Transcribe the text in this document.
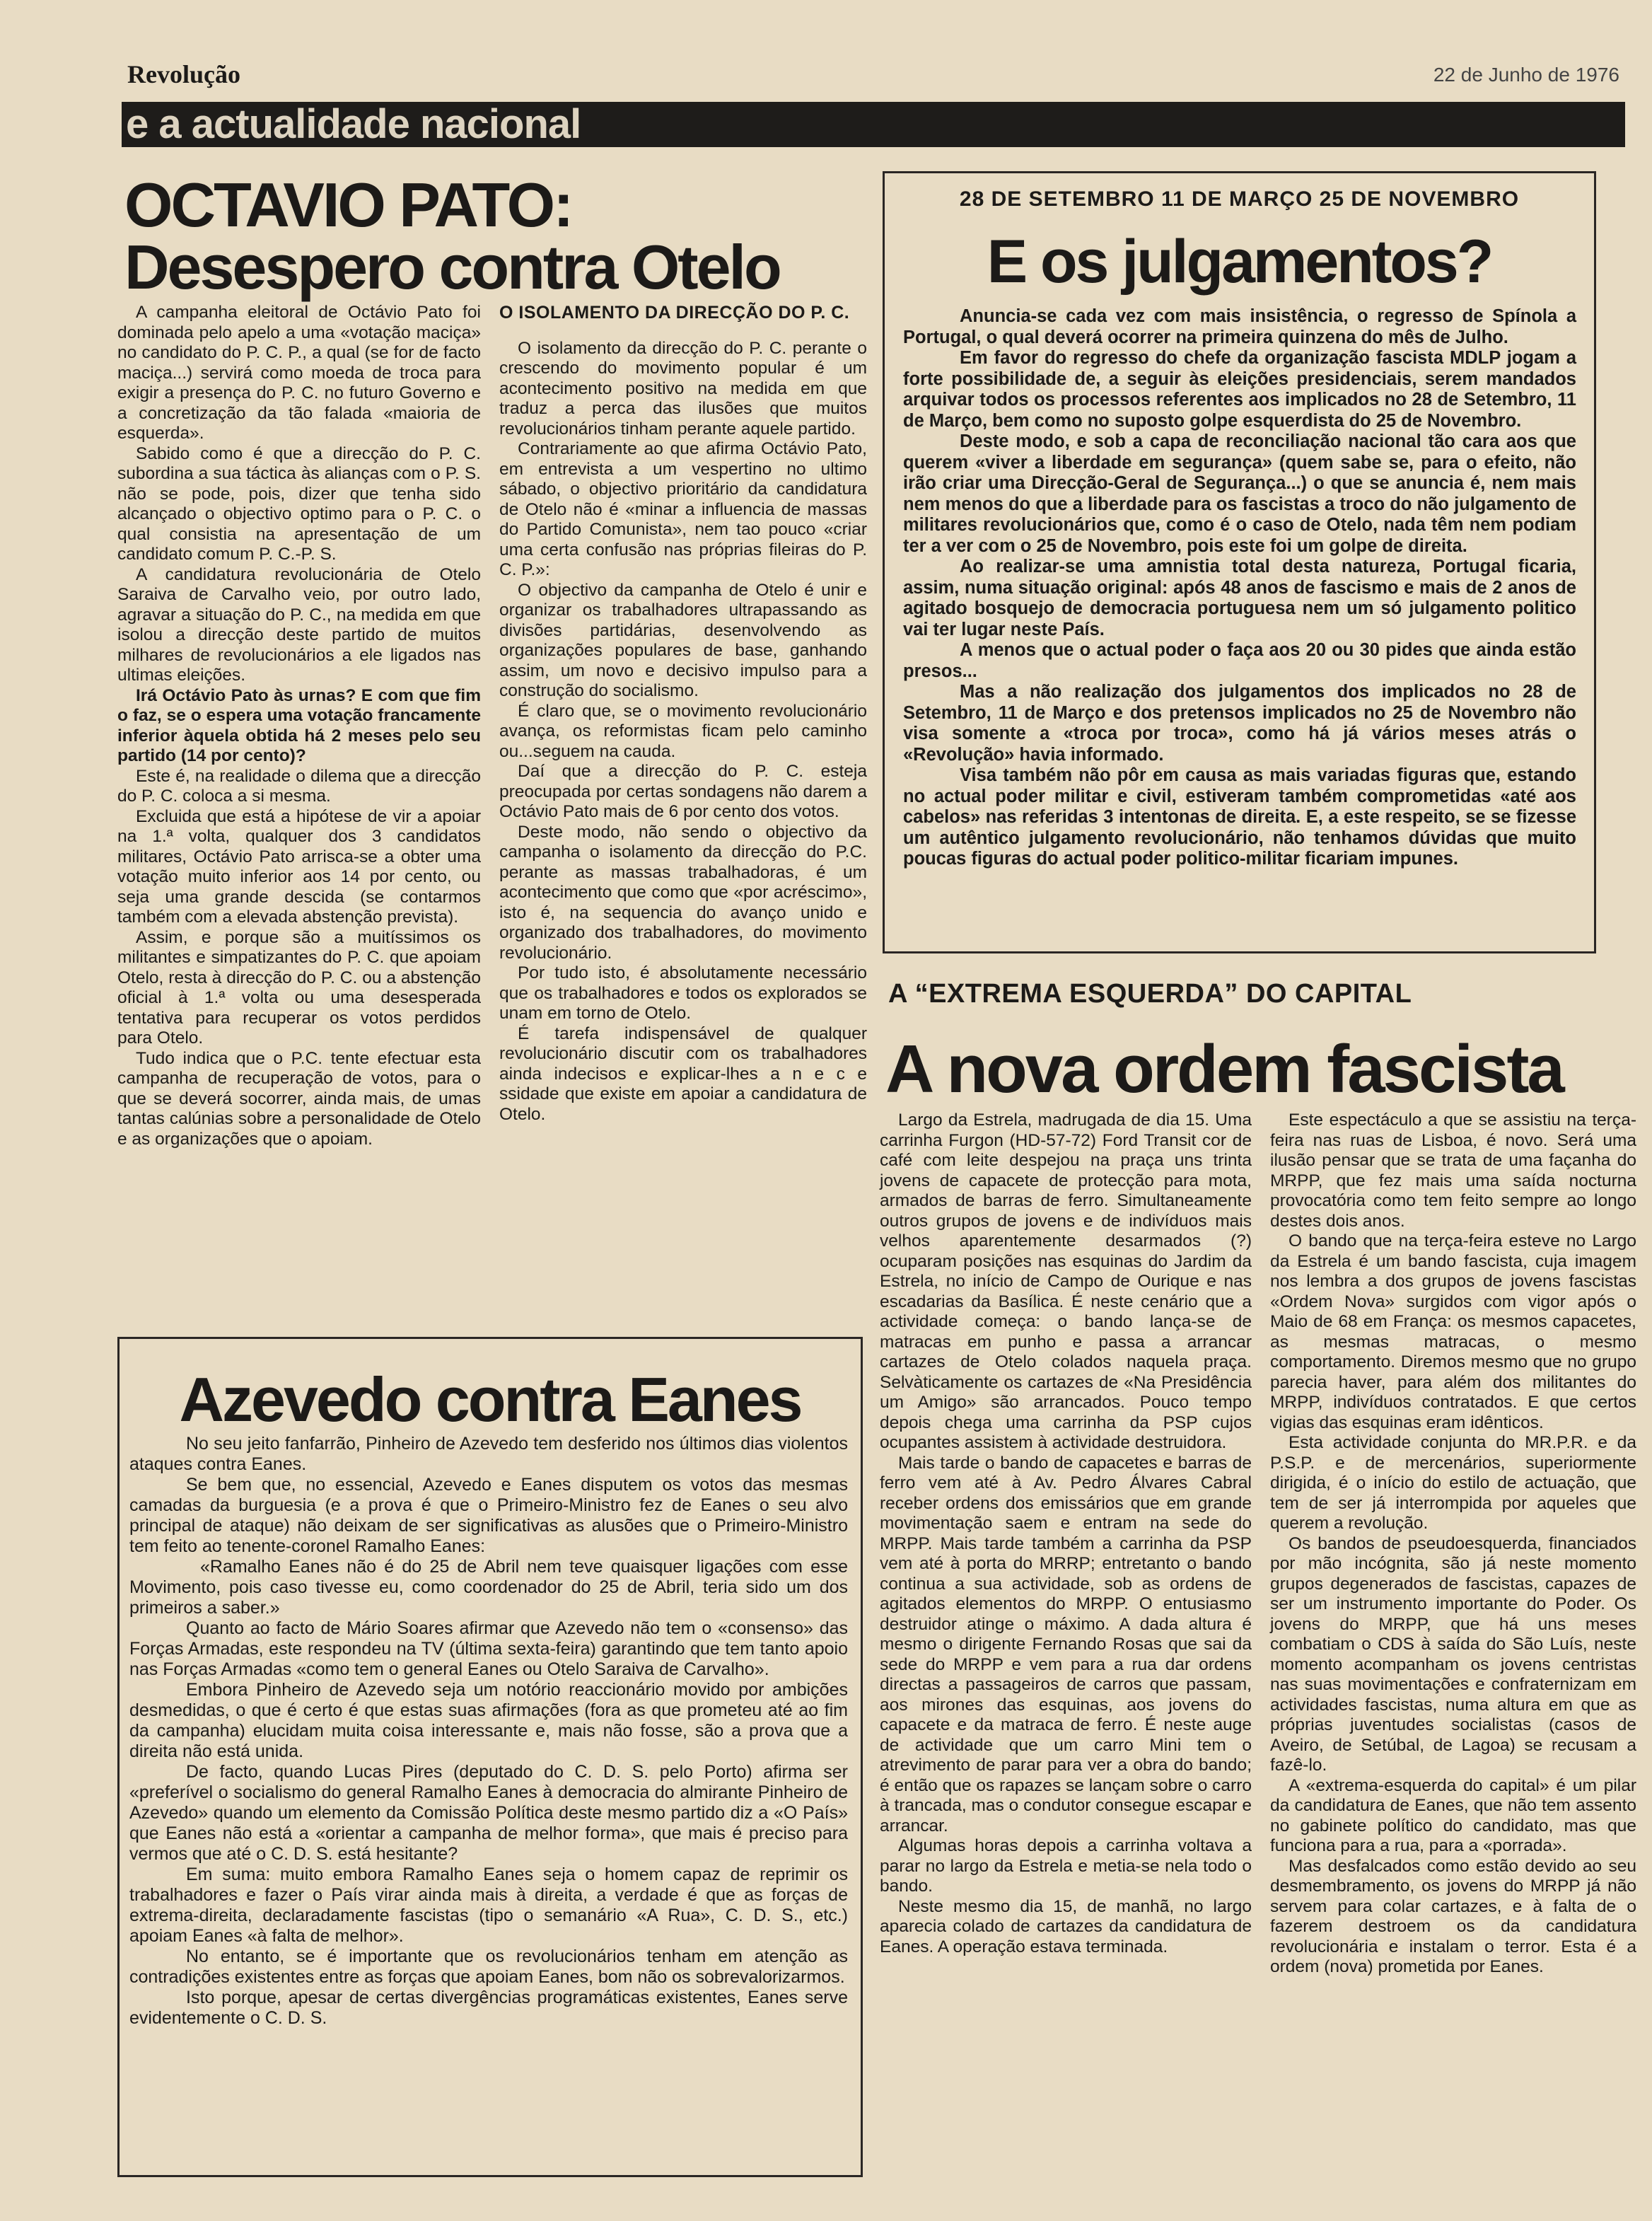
Revolução	22 de Junho de 1976
e a actualidade nacional
OCTAVIO PATO:
Desespero contra Otelo

A campanha eleitoral de Octávio Pato foi dominada pelo apelo a uma «votação maciça» no candidato do P. C. P., a qual (se for de facto maciça...) servirá como moeda de troca para exigir a presença do P. C. no futuro Governo e a concretização da tão falada «maioria de esquerda».

Sabido como é que a direcção do P. C. subordina a sua táctica às alianças com o P. S. não se pode, pois, dizer que tenha sido alcançado o objectivo optimo para o P. C. o qual consistia na apresentação de um candidato comum P. C.-P. S.

A candidatura revolucionária de Otelo Saraiva de Carvalho veio, por outro lado, agravar a situação do P. C., na medida em que isolou a direcção deste partido de muitos milhares de revolucionários a ele ligados nas ultimas eleições.

Irá Octávio Pato às urnas? E com que fim o faz, se o espera uma votação francamente inferior àquela obtida há 2 meses pelo seu partido (14 por cento)?

Este é, na realidade o dilema que a direcção do P. C. coloca a si mesma.

Excluida que está a hipótese de vir a apoiar na 1.ª volta, qualquer dos 3 candidatos militares, Octávio Pato arrisca-se a obter uma votação muito inferior aos 14 por cento, ou seja uma grande descida (se contarmos também com a elevada abstenção prevista).

Assim, e porque são a muitíssimos os militantes e simpatizantes do P. C. que apoiam Otelo, resta à direcção do P. C. ou a abstenção oficial à 1.ª volta ou uma desesperada tentativa para recuperar os votos perdidos para Otelo.

Tudo indica que o P.C. tente efectuar esta campanha de recuperação de votos, para o que se deverá socorrer, ainda mais, de umas tantas calúnias sobre a personalidade de Otelo e as organizações que o apoiam.

O ISOLAMENTO DA DIRECÇÃO DO P. C.

O isolamento da direcção do P. C. perante o crescendo do movimento popular é um acontecimento positivo na medida em que traduz a perca das ilusões que muitos revolucionários tinham perante aquele partido.

Contrariamente ao que afirma Octávio Pato, em entrevista a um vespertino no ultimo sábado, o objectivo prioritário da candidatura de Otelo não é «minar a influencia de massas do Partido Comunista», nem tao pouco «criar uma certa confusão nas próprias fileiras do P. C. P.»:

O objectivo da campanha de Otelo é unir e organizar os trabalhadores ultrapassando as divisões partidárias, desenvolvendo as organizações populares de base, ganhando assim, um novo e decisivo impulso para a construção do socialismo.

É claro que, se o movimento revolucionário avança, os reformistas ficam pelo caminho ou...seguem na cauda.

Daí que a direcção do P. C. esteja preocupada por certas sondagens não darem a Octávio Pato mais de 6 por cento dos votos.

Deste modo, não sendo o objectivo da campanha o isolamento da direcção do P.C. perante as massas trabalhadoras, é um acontecimento que como que «por acréscimo», isto é, na sequencia do avanço unido e organizado dos trabalhadores, do movimento revolucionário.

Por tudo isto, é absolutamente necessário que os trabalhadores e todos os explorados se unam em torno de Otelo.

É tarefa indispensável de qualquer revolucionário discutir com os trabalhadores ainda indecisos e explicar-lhes a n e c e ssidade que existe em apoiar a candidatura de Otelo.

28 DE SETEMBRO 11 DE MARÇO 25 DE NOVEMBRO
E os julgamentos?

Anuncia-se cada vez com mais insistência, o regresso de Spínola a Portugal, o qual deverá ocorrer na primeira quinzena do mês de Julho.

Em favor do regresso do chefe da organização fascista MDLP jogam a forte possibilidade de, a seguir às eleições presidenciais, serem mandados arquivar todos os processos referentes aos implicados no 28 de Setembro, 11 de Março, bem como no suposto golpe esquerdista do 25 de Novembro.

Deste modo, e sob a capa de reconciliação nacional tão cara aos que querem «viver a liberdade em segurança» (quem sabe se, para o efeito, não irão criar uma Direcção-Geral de Segurança...) o que se anuncia é, nem mais nem menos do que a liberdade para os fascistas a troco do não julgamento de militares revolucionários que, como é o caso de Otelo, nada têm nem podiam ter a ver com o 25 de Novembro, pois este foi um golpe de direita.

Ao realizar-se uma amnistia total desta natureza, Portugal ficaria, assim, numa situação original: após 48 anos de fascismo e mais de 2 anos de agitado bosquejo de democracia portuguesa nem um só julgamento politico vai ter lugar neste País.

A menos que o actual poder o faça aos 20 ou 30 pides que ainda estão presos...

Mas a não realização dos julgamentos dos implicados no 28 de Setembro, 11 de Março e dos pretensos implicados no 25 de Novembro não visa somente a «troca por troca», como há já vários meses atrás o «Revolução» havia informado.

Visa também não pôr em causa as mais variadas figuras que, estando no actual poder militar e civil, estiveram também comprometidas «até aos cabelos» nas referidas 3 intentonas de direita. E, a este respeito, se se fizesse um autêntico julgamento revolucionário, não tenhamos dúvidas que muito poucas figuras do actual poder politico-militar ficariam impunes.

A “EXTREMA ESQUERDA” DO CAPITAL
A nova ordem fascista

Largo da Estrela, madrugada de dia 15. Uma carrinha Furgon (HD-57-72) Ford Transit cor de café com leite despejou na praça uns trinta jovens de capacete de protecção para mota, armados de barras de ferro. Simultaneamente outros grupos de jovens e de indivíduos mais velhos aparentemente desarmados (?) ocuparam posições nas esquinas do Jardim da Estrela, no início de Campo de Ourique e nas escadarias da Basílica. É neste cenário que a actividade começa: o bando lança-se de matracas em punho e passa a arrancar cartazes de Otelo colados naquela praça. Selvàticamente os cartazes de «Na Presidência um Amigo» são arrancados. Pouco tempo depois chega uma carrinha da PSP cujos ocupantes assistem à actividade destruidora.

Mais tarde o bando de capacetes e barras de ferro vem até à Av. Pedro Álvares Cabral receber ordens dos emissários que em grande movimentação saem e entram na sede do MRPP. Mais tarde também a carrinha da PSP vem até à porta do MRRP; entretanto o bando continua a sua actividade, sob as ordens de agitados elementos do MRPP. O entusiasmo destruidor atinge o máximo. A dada altura é mesmo o dirigente Fernando Rosas que sai da sede do MRPP e vem para a rua dar ordens directas a passageiros de carros que passam, aos mirones das esquinas, aos jovens do capacete e da matraca de ferro. É neste auge de actividade que um carro Mini tem o atrevimento de parar para ver a obra do bando; é então que os rapazes se lançam sobre o carro à trancada, mas o condutor consegue escapar e arrancar.

Algumas horas depois a carrinha voltava a parar no largo da Estrela e metia-se nela todo o bando.

Neste mesmo dia 15, de manhã, no largo aparecia colado de cartazes da candidatura de Eanes. A operação estava terminada.

Este espectáculo a que se assistiu na terça-feira nas ruas de Lisboa, é novo. Será uma ilusão pensar que se trata de uma façanha do MRPP, que fez mais uma saída nocturna provocatória como tem feito sempre ao longo destes dois anos.

O bando que na terça-feira esteve no Largo da Estrela é um bando fascista, cuja imagem nos lembra a dos grupos de jovens fascistas «Ordem Nova» surgidos com vigor após o Maio de 68 em França: os mesmos capacetes, as mesmas matracas, o mesmo comportamento. Diremos mesmo que no grupo parecia haver, para além dos militantes do MRPP, indivíduos contratados. E que certos vigias das esquinas eram idênticos.

Esta actividade conjunta do MR.P.R. e da P.S.P. e de mercenários, superiormente dirigida, é o início do estilo de actuação, que tem de ser já interrompida por aqueles que querem a revolução.

Os bandos de pseudoesquerda, financiados por mão incógnita, são já neste momento grupos degenerados de fascistas, capazes de ser um instrumento importante do Poder. Os jovens do MRPP, que há uns meses combatiam o CDS à saída do São Luís, neste momento acompanham os jovens centristas nas suas movimentações e confraternizam em actividades fascistas, numa altura em que as próprias juventudes socialistas (casos de Aveiro, de Setúbal, de Lagoa) se recusam a fazê-lo.

A «extrema-esquerda do capital» é um pilar da candidatura de Eanes, que não tem assento no gabinete político do candidato, mas que funciona para a rua, para a «porrada».

Mas desfalcados como estão devido ao seu desmembramento, os jovens do MRPP já não servem para colar cartazes, e à falta de o fazerem destroem os da candidatura revolucionária e instalam o terror. Esta é a ordem (nova) prometida por Eanes.

Azevedo contra Eanes

No seu jeito fanfarrão, Pinheiro de Azevedo tem desferido nos últimos dias violentos ataques contra Eanes.

Se bem que, no essencial, Azevedo e Eanes disputem os votos das mesmas camadas da burguesia (e a prova é que o Primeiro-Ministro fez de Eanes o seu alvo principal de ataque) não deixam de ser significativas as alusões que o Primeiro-Ministro tem feito ao tenente-coronel Ramalho Eanes:

«Ramalho Eanes não é do 25 de Abril nem teve quaisquer ligações com esse Movimento, pois caso tivesse eu, como coordenador do 25 de Abril, teria sido um dos primeiros a saber.»

Quanto ao facto de Mário Soares afirmar que Azevedo não tem o «consenso» das Forças Armadas, este respondeu na TV (última sexta-feira) garantindo que tem tanto apoio nas Forças Armadas «como tem o general Eanes ou Otelo Saraiva de Carvalho».

Embora Pinheiro de Azevedo seja um notório reaccionário movido por ambições desmedidas, o que é certo é que estas suas afirmações (fora as que prometeu até ao fim da campanha) elucidam muita coisa interessante e, mais não fosse, são a prova que a direita não está unida.

De facto, quando Lucas Pires (deputado do C. D. S. pelo Porto) afirma ser «preferível o socialismo do general Ramalho Eanes à democracia do almirante Pinheiro de Azevedo» quando um elemento da Comissão Política deste mesmo partido diz a «O País» que Eanes não está a «orientar a campanha de melhor forma», que mais é preciso para vermos que até o C. D. S. está hesitante?

Em suma: muito embora Ramalho Eanes seja o homem capaz de reprimir os trabalhadores e fazer o País virar ainda mais à direita, a verdade é que as forças de extrema-direita, declaradamente fascistas (tipo o semanário «A Rua», C. D. S., etc.) apoiam Eanes «à falta de melhor».

No entanto, se é importante que os revolucionários tenham em atenção as contradições existentes entre as forças que apoiam Eanes, bom não os sobrevalorizarmos.

Isto porque, apesar de certas divergências programáticas existentes, Eanes serve evidentemente o C. D. S.
